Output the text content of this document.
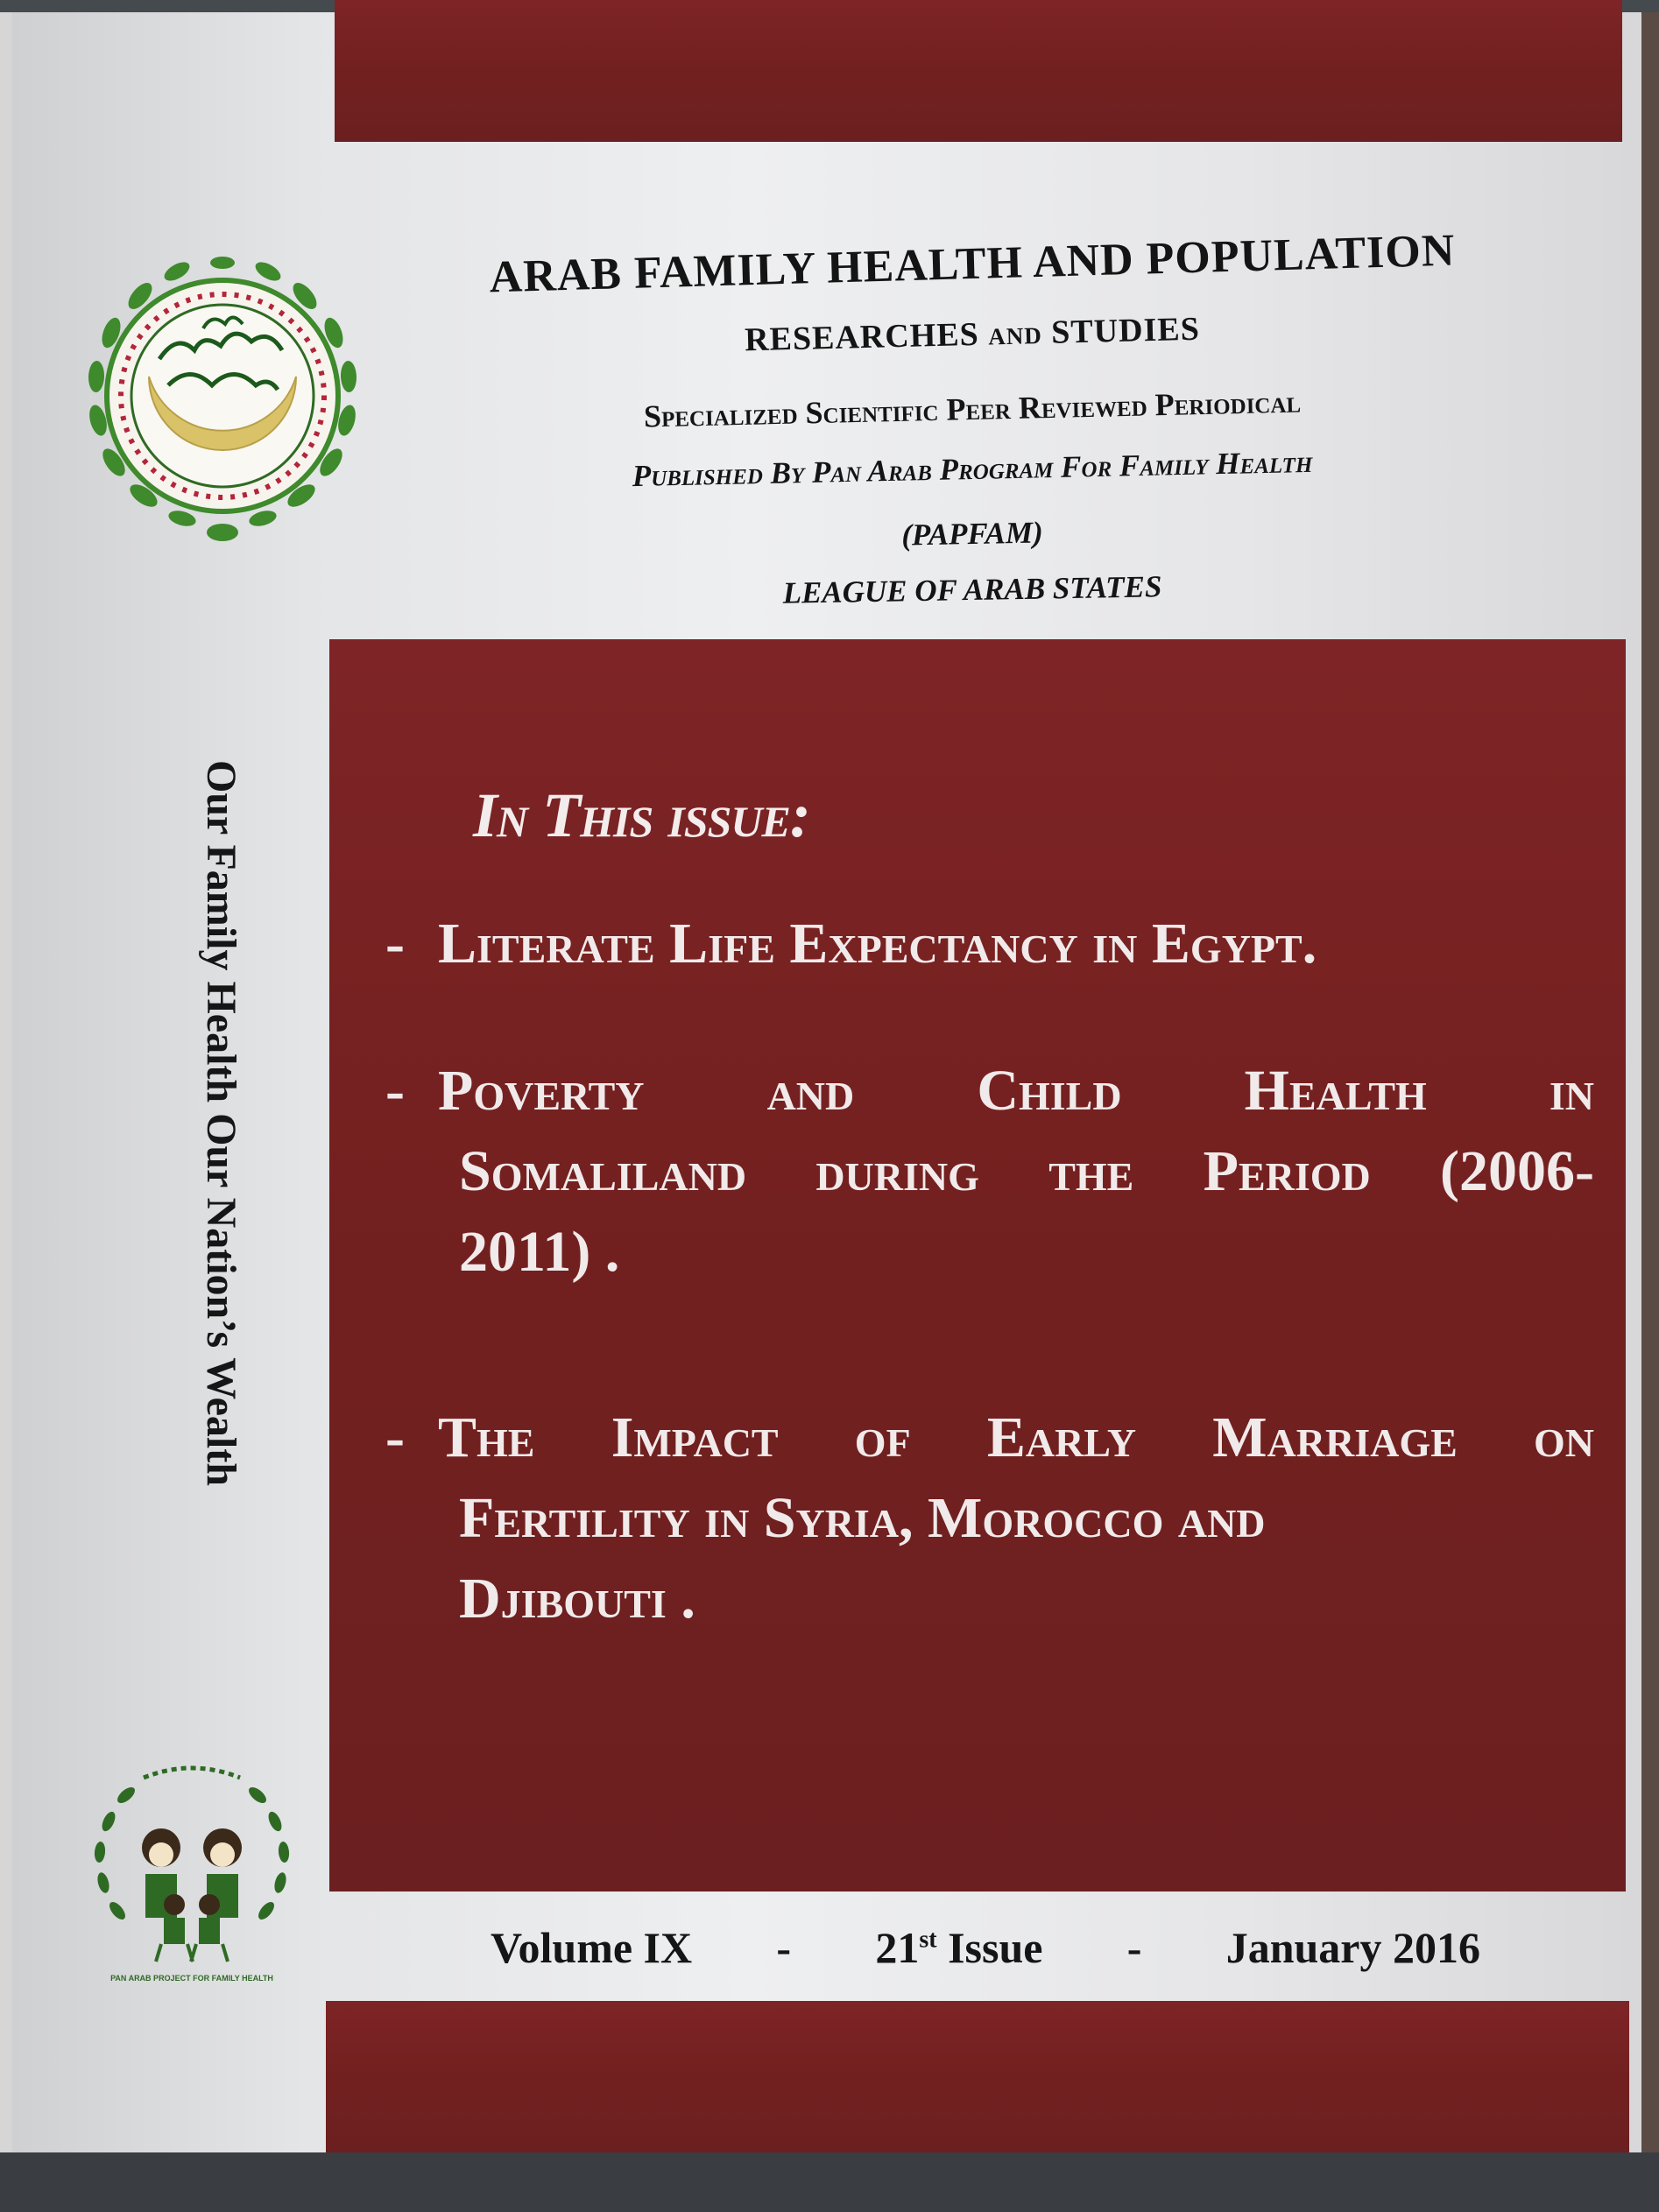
ARAB FAMILY HEALTH AND POPULATION
RESEARCHES and STUDIES
Specialized Scientific Peer Reviewed Periodical
Published By Pan Arab Program For Family Health
(PAPFAM)
LEAGUE OF ARAB STATES
Our Family Health Our Nation’s Wealth	In This issue:
- Literate Life Expectancy in Egypt.
- Poverty and Child Health in
Somaliland during the Period (2006-
2011) .
- The Impact of Early Marriage on
Fertility in Syria, Morocco and
Djibouti .
PAN ARAB PROJECT FOR FAMILY HEALTH
Volume IX - 21st Issue - January 2016
